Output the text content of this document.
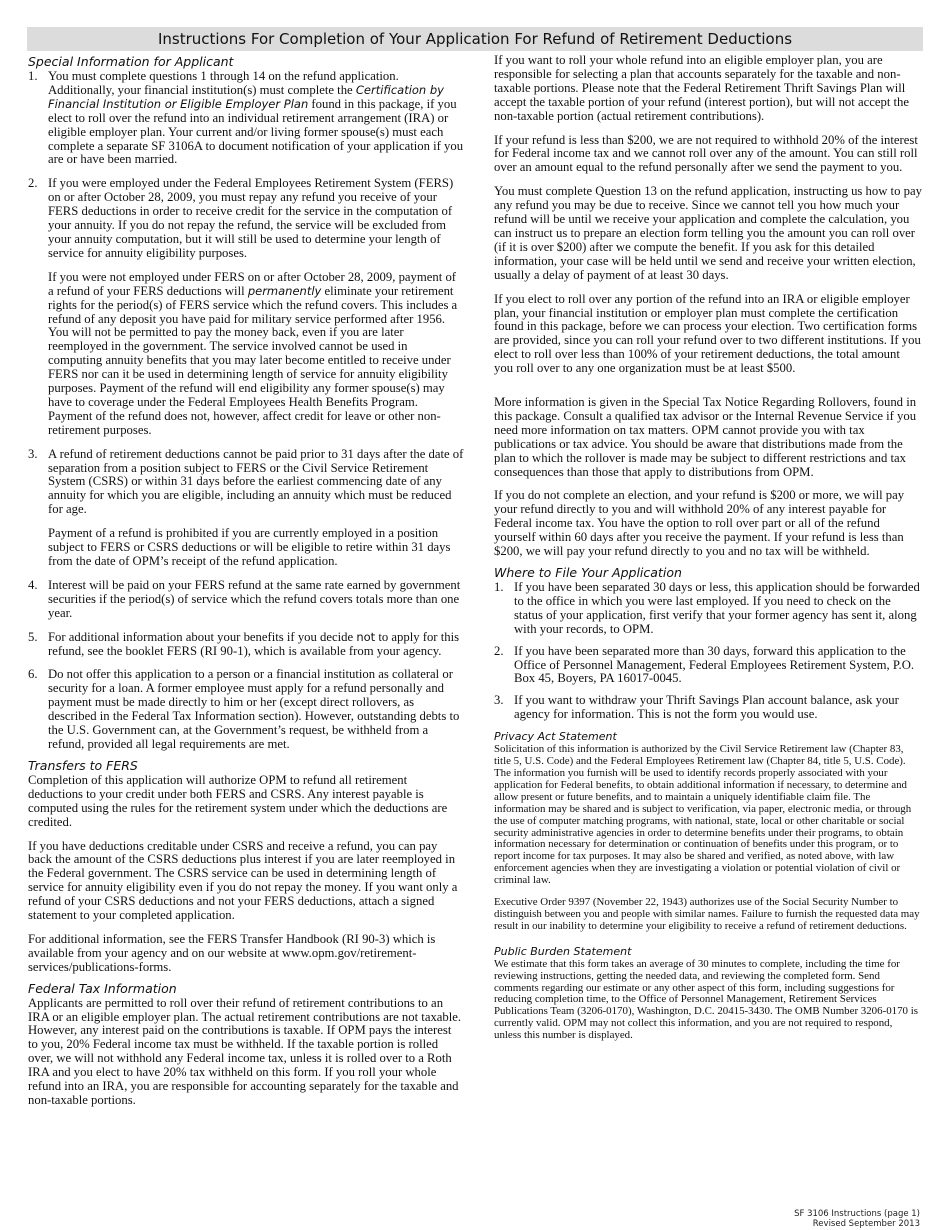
Instructions For Completion of Your Application For Refund of Retirement Deductions
Special Information for Applicant
1. You must complete questions 1 through 14 on the refund application. Additionally, your financial institution(s) must complete the Certification by Financial Institution or Eligible Employer Plan found in this package, if you elect to roll over the refund into an individual retirement arrangement (IRA) or eligible employer plan. Your current and/or living former spouse(s) must each complete a separate SF 3106A to document notification of your application if you are or have been married.

2. If you were employed under the Federal Employees Retirement System (FERS) on or after October 28, 2009, you must repay any refund you receive of your FERS deductions in order to receive credit for the service in the computation of your annuity. If you do not repay the refund, the service will be excluded from your annuity computation, but it will still be used to determine your length of service for annuity eligibility purposes.

If you were not employed under FERS on or after October 28, 2009, payment of a refund of your FERS deductions will permanently eliminate your retirement rights for the period(s) of FERS service which the refund covers. This includes a refund of any deposit you have paid for military service performed after 1956. You will not be permitted to pay the money back, even if you are later reemployed in the government. The service involved cannot be used in computing annuity benefits that you may later become entitled to receive under FERS nor can it be used in determining length of service for annuity eligibility purposes. Payment of the refund will end eligibility any former spouse(s) may have to coverage under the Federal Employees Health Benefits Program. Payment of the refund does not, however, affect credit for leave or other non-retirement purposes.

3. A refund of retirement deductions cannot be paid prior to 31 days after the date of separation from a position subject to FERS or the Civil Service Retirement System (CSRS) or within 31 days before the earliest commencing date of any annuity for which you are eligible, including an annuity which must be reduced for age.

Payment of a refund is prohibited if you are currently employed in a position subject to FERS or CSRS deductions or will be eligible to retire within 31 days from the date of OPM’s receipt of the refund application.

4. Interest will be paid on your FERS refund at the same rate earned by government securities if the period(s) of service which the refund covers totals more than one year.

5. For additional information about your benefits if you decide not to apply for this refund, see the booklet FERS (RI 90-1), which is available from your agency.

6. Do not offer this application to a person or a financial institution as collateral or security for a loan. A former employee must apply for a refund personally and payment must be made directly to him or her (except direct rollovers, as described in the Federal Tax Information section). However, outstanding debts to the U.S. Government can, at the Government’s request, be withheld from a refund, provided all legal requirements are met.

Transfers to FERS

Completion of this application will authorize OPM to refund all retirement deductions to your credit under both FERS and CSRS. Any interest payable is computed using the rules for the retirement system under which the deductions are credited.

If you have deductions creditable under CSRS and receive a refund, you can pay back the amount of the CSRS deductions plus interest if you are later reemployed in the Federal government. The CSRS service can be used in determining length of service for annuity eligibility even if you do not repay the money. If you want only a refund of your CSRS deductions and not your FERS deductions, attach a signed statement to your completed application.

For additional information, see the FERS Transfer Handbook (RI 90-3) which is available from your agency and on our website at www.opm.gov/retirement-services/publications-forms.

Federal Tax Information

Applicants are permitted to roll over their refund of retirement contributions to an IRA or an eligible employer plan. The actual retirement contributions are not taxable. However, any interest paid on the contributions is taxable. If OPM pays the interest to you, 20% Federal income tax must be withheld. If the taxable portion is rolled over, we will not withhold any Federal income tax, unless it is rolled over to a Roth IRA and you elect to have 20% tax withheld on this form. If you roll your whole refund into an IRA, you are responsible for accounting separately for the taxable and non-taxable portions.

If you want to roll your whole refund into an eligible employer plan, you are responsible for selecting a plan that accounts separately for the taxable and non-taxable portions. Please note that the Federal Retirement Thrift Savings Plan will accept the taxable portion of your refund (interest portion), but will not accept the non-taxable portion (actual retirement contributions).

If your refund is less than $200, we are not required to withhold 20% of the interest for Federal income tax and we cannot roll over any of the amount. You can still roll over an amount equal to the refund personally after we send the payment to you.

You must complete Question 13 on the refund application, instructing us how to pay any refund you may be due to receive. Since we cannot tell you how much your refund will be until we receive your application and complete the calculation, you can instruct us to prepare an election form telling you the amount you can roll over (if it is over $200) after we compute the benefit. If you ask for this detailed information, your case will be held until we send and receive your written election, usually a delay of payment of at least 30 days.

If you elect to roll over any portion of the refund into an IRA or eligible employer plan, your financial institution or employer plan must complete the certification found in this package, before we can process your election. Two certification forms are provided, since you can roll your refund over to two different institutions. If you elect to roll over less than 100% of your retirement deductions, the total amount you roll over to any one organization must be at least $500.

More information is given in the Special Tax Notice Regarding Rollovers, found in this package. Consult a qualified tax advisor or the Internal Revenue Service if you need more information on tax matters. OPM cannot provide you with tax publications or tax advice. You should be aware that distributions made from the plan to which the rollover is made may be subject to different restrictions and tax consequences than those that apply to distributions from OPM.

If you do not complete an election, and your refund is $200 or more, we will pay your refund directly to you and will withhold 20% of any interest payable for Federal income tax. You have the option to roll over part or all of the refund yourself within 60 days after you receive the payment. If your refund is less than $200, we will pay your refund directly to you and no tax will be withheld.

Where to File Your Application
1. If you have been separated 30 days or less, this application should be forwarded to the office in which you were last employed. If you need to check on the status of your application, first verify that your former agency has sent it, along with your records, to OPM.

2. If you have been separated more than 30 days, forward this application to the Office of Personnel Management, Federal Employees Retirement System, P.O. Box 45, Boyers, PA 16017-0045.

3. If you want to withdraw your Thrift Savings Plan account balance, ask your agency for information. This is not the form you would use.

Privacy Act Statement

Solicitation of this information is authorized by the Civil Service Retirement law (Chapter 83, title 5, U.S. Code) and the Federal Employees Retirement law (Chapter 84, title 5, U.S. Code). The information you furnish will be used to identify records properly associated with your application for Federal benefits, to obtain additional information if necessary, to determine and allow present or future benefits, and to maintain a uniquely identifiable claim file. The information may be shared and is subject to verification, via paper, electronic media, or through the use of computer matching programs, with national, state, local or other charitable or social security administrative agencies in order to determine benefits under their programs, to obtain information necessary for determination or continuation of benefits under this program, or to report income for tax purposes. It may also be shared and verified, as noted above, with law enforcement agencies when they are investigating a violation or potential violation of civil or criminal law.

Executive Order 9397 (November 22, 1943) authorizes use of the Social Security Number to distinguish between you and people with similar names. Failure to furnish the requested data may result in our inability to determine your eligibility to receive a refund of retirement deductions.

Public Burden Statement

We estimate that this form takes an average of 30 minutes to complete, including the time for reviewing instructions, getting the needed data, and reviewing the completed form. Send comments regarding our estimate or any other aspect of this form, including suggestions for reducing completion time, to the Office of Personnel Management, Retirement Services Publications Team (3206-0170), Washington, D.C. 20415-3430. The OMB Number 3206-0170 is currently valid. OPM may not collect this information, and you are not required to respond, unless this number is displayed.

SF 3106 Instructions (page 1)
Revised September 2013
